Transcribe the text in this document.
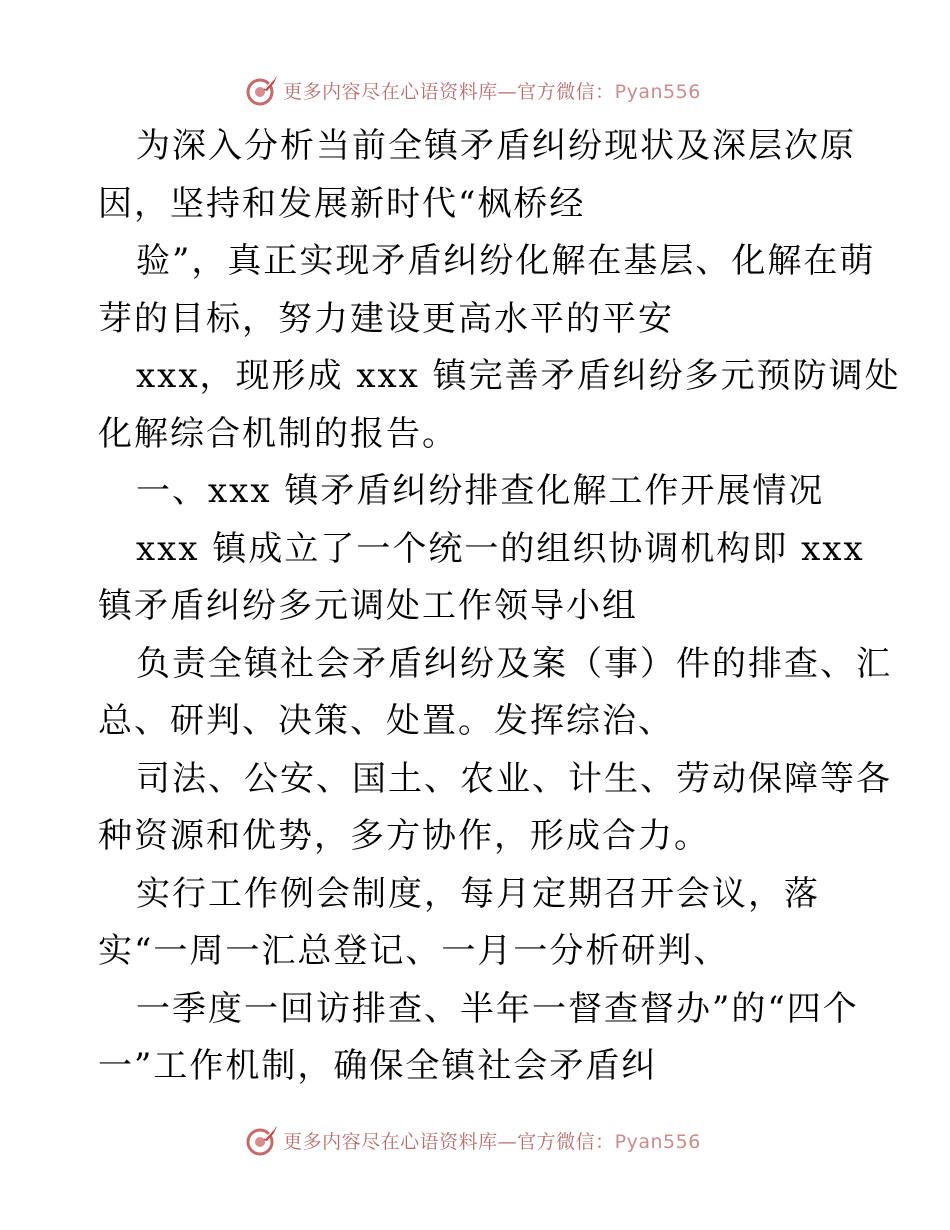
更多内容尽在心语资料库—官方微信：Pyan556
为深入分析当前全镇矛盾纠纷现状及深层次原
因，坚持和发展新时代“枫桥经
验”，真正实现矛盾纠纷化解在基层、化解在萌
芽的目标，努力建设更高水平的平安
xxx，现形成 xxx 镇完善矛盾纠纷多元预防调处
化解综合机制的报告。
一、xxx 镇矛盾纠纷排查化解工作开展情况
xxx 镇成立了一个统一的组织协调机构即 xxx
镇矛盾纠纷多元调处工作领导小组
负责全镇社会矛盾纠纷及案（事）件的排查、汇
总、研判、决策、处置。发挥综治、
司法、公安、国土、农业、计生、劳动保障等各
种资源和优势，多方协作，形成合力。
实行工作例会制度，每月定期召开会议，落
实“一周一汇总登记、一月一分析研判、
一季度一回访排查、半年一督查督办”的“四个
一”工作机制，确保全镇社会矛盾纠
更多内容尽在心语资料库—官方微信：Pyan556
